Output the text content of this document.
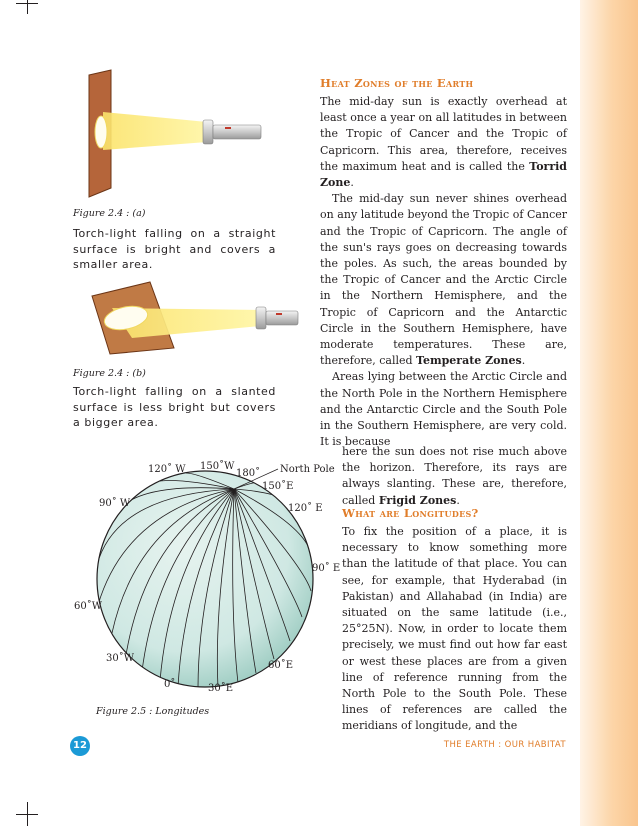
Figure 2.4 : (a)
Torch-light falling on a straight surface is bright and covers a smaller area.
Figure 2.4 : (b)
Torch-light falling on a slanted surface is less bright but covers a bigger area.
120˚ W 150˚W
180˚ North Pole
150˚E
90˚ W	120˚ E
90˚ E
60˚W
30˚W
60˚E
0˚	30˚E
Figure 2.5 : Longitudes
Heat Zones of the Earth

The mid-day sun is exactly overhead at least once a year on all latitudes in between the Tropic of Cancer and the Tropic of Capricorn. This area, therefore, receives the maximum heat and is called the Torrid Zone.

The mid-day sun never shines overhead on any latitude beyond the Tropic of Cancer and the Tropic of Capricorn. The angle of the sun's rays goes on decreasing towards the poles. As such, the areas bounded by the Tropic of Cancer and the Arctic Circle in the Northern Hemisphere, and the Tropic of Capricorn and the Antarctic Circle in the Southern Hemisphere, have moderate temperatures. These are, therefore, called Temperate Zones.

Areas lying between the Arctic Circle and the North Pole in the Northern Hemisphere and the Antarctic Circle and the South Pole in the Southern Hemisphere, are very cold. It is because

here the sun does not rise much above the horizon. Therefore, its rays are always slanting. These are, therefore, called Frigid Zones.

What are Longitudes?

To fix the position of a place, it is necessary to know something more than the latitude of that place. You can see, for example, that Hyderabad (in Pakistan) and Allahabad (in India) are situated on the same latitude (i.e., 25°25N). Now, in order to locate them precisely, we must find out how far east or west these places are from a given line of reference running from the North Pole to the South Pole. These lines of references are called the meridians of longitude, and the

12	THE EARTH : OUR HABITAT
